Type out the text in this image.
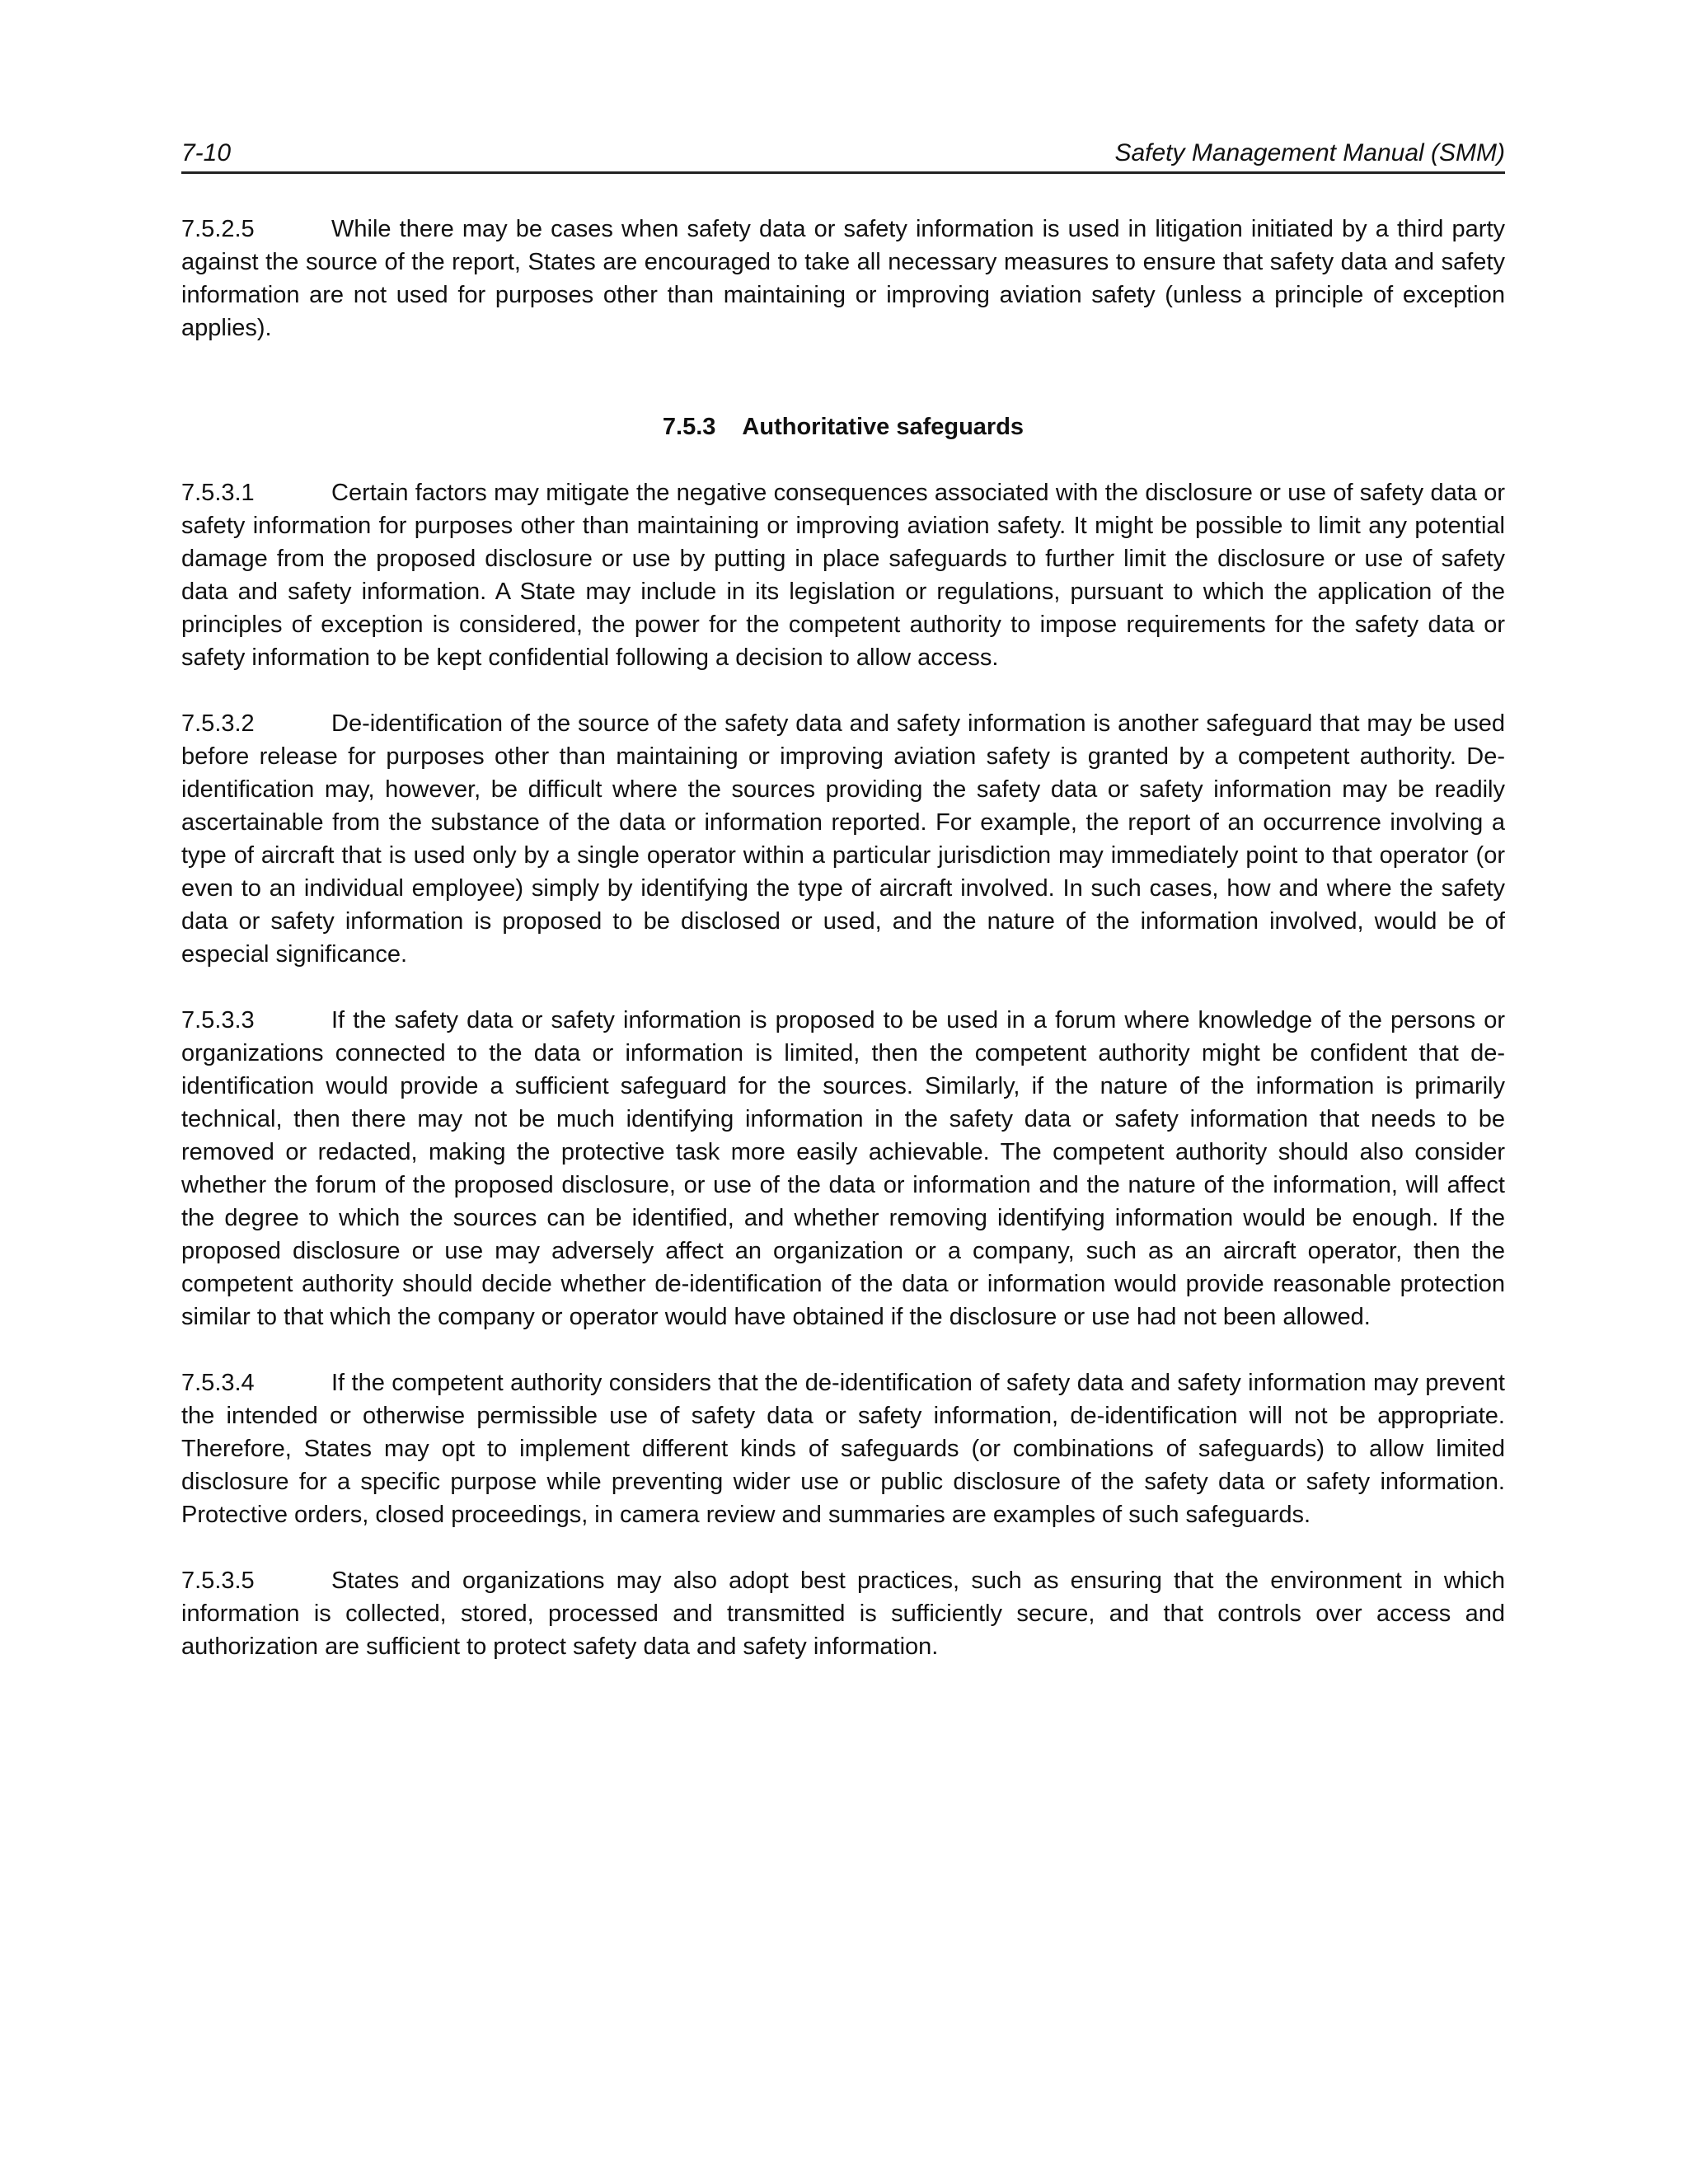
7-10	Safety Management Manual (SMM)

7.5.2.5	While there may be cases when safety data or safety information is used in litigation initiated by a third party against the source of the report, States are encouraged to take all necessary measures to ensure that safety data and safety information are not used for purposes other than maintaining or improving aviation safety (unless a principle of exception applies).

7.5.3 Authoritative safeguards

7.5.3.1	Certain factors may mitigate the negative consequences associated with the disclosure or use of safety data or safety information for purposes other than maintaining or improving aviation safety. It might be possible to limit any potential damage from the proposed disclosure or use by putting in place safeguards to further limit the disclosure or use of safety data and safety information. A State may include in its legislation or regulations, pursuant to which the application of the principles of exception is considered, the power for the competent authority to impose requirements for the safety data or safety information to be kept confidential following a decision to allow access.

7.5.3.2	De-identification of the source of the safety data and safety information is another safeguard that may be used before release for purposes other than maintaining or improving aviation safety is granted by a competent authority. De-identification may, however, be difficult where the sources providing the safety data or safety information may be readily ascertainable from the substance of the data or information reported. For example, the report of an occurrence involving a type of aircraft that is used only by a single operator within a particular jurisdiction may immediately point to that operator (or even to an individual employee) simply by identifying the type of aircraft involved. In such cases, how and where the safety data or safety information is proposed to be disclosed or used, and the nature of the information involved, would be of especial significance.

7.5.3.3	If the safety data or safety information is proposed to be used in a forum where knowledge of the persons or organizations connected to the data or information is limited, then the competent authority might be confident that de-identification would provide a sufficient safeguard for the sources. Similarly, if the nature of the information is primarily technical, then there may not be much identifying information in the safety data or safety information that needs to be removed or redacted, making the protective task more easily achievable. The competent authority should also consider whether the forum of the proposed disclosure, or use of the data or information and the nature of the information, will affect the degree to which the sources can be identified, and whether removing identifying information would be enough. If the proposed disclosure or use may adversely affect an organization or a company, such as an aircraft operator, then the competent authority should decide whether de-identification of the data or information would provide reasonable protection similar to that which the company or operator would have obtained if the disclosure or use had not been allowed.

7.5.3.4	If the competent authority considers that the de-identification of safety data and safety information may prevent the intended or otherwise permissible use of safety data or safety information, de-identification will not be appropriate. Therefore, States may opt to implement different kinds of safeguards (or combinations of safeguards) to allow limited disclosure for a specific purpose while preventing wider use or public disclosure of the safety data or safety information. Protective orders, closed proceedings, in camera review and summaries are examples of such safeguards.

7.5.3.5	States and organizations may also adopt best practices, such as ensuring that the environment in which information is collected, stored, processed and transmitted is sufficiently secure, and that controls over access and authorization are sufficient to protect safety data and safety information.
